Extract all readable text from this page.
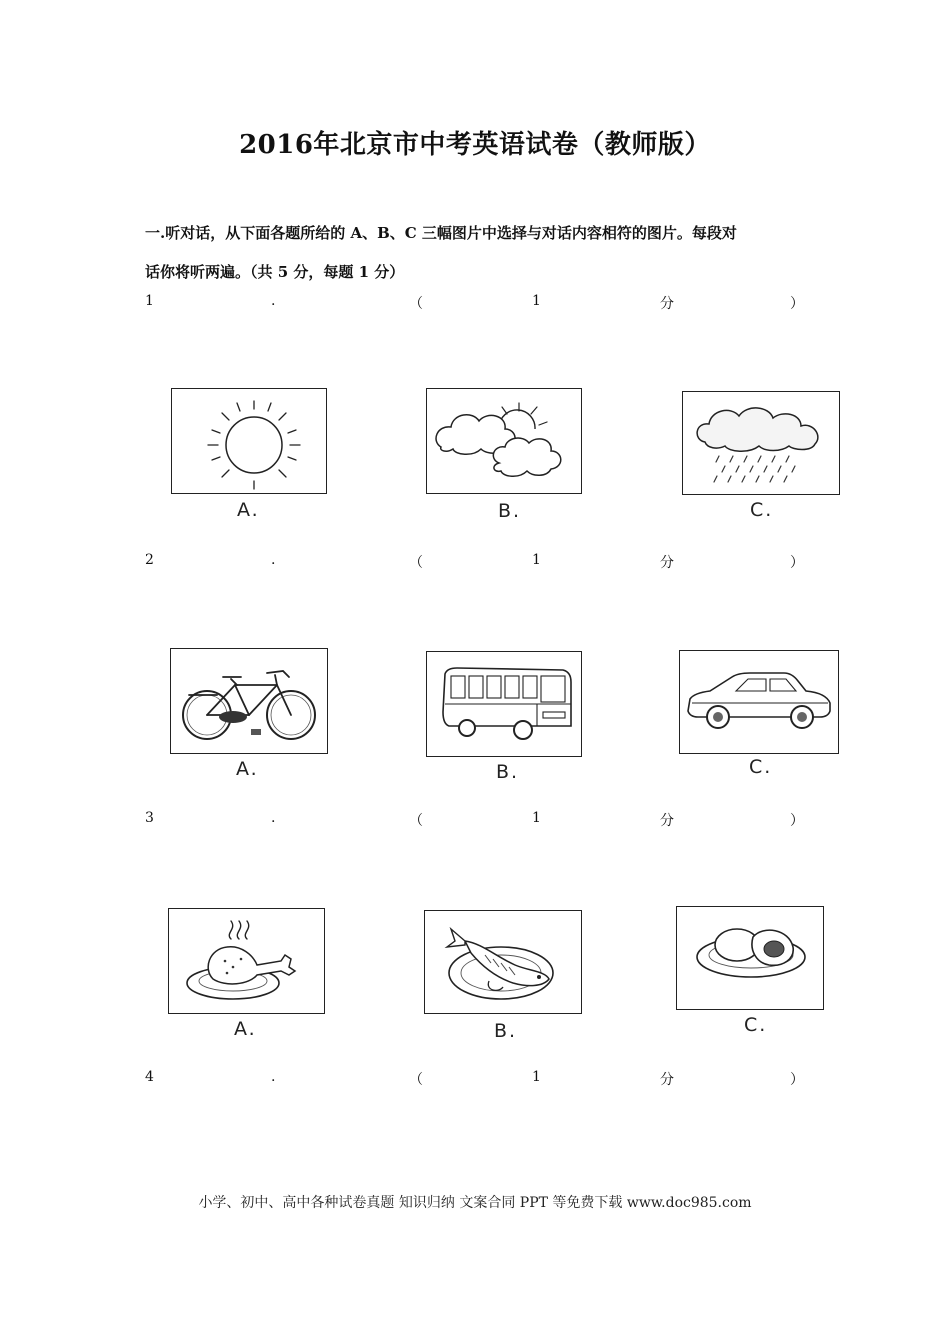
2016年北京市中考英语试卷（教师版）
一.听对话，从下面各题所给的 A、B、C 三幅图片中选择与对话内容相符的图片。每段对
话你将听两遍。（共 5 分，每题 1 分）
1	.	（	1	分	）
A.	B.	C.
2	.	（	1	分	）
A.	B.	C.
3	.	（	1	分	）
A.	B.	C.
4	.	（	1	分	）
小学、初中、高中各种试卷真题 知识归纳 文案合同 PPT 等免费下载 www.doc985.com
